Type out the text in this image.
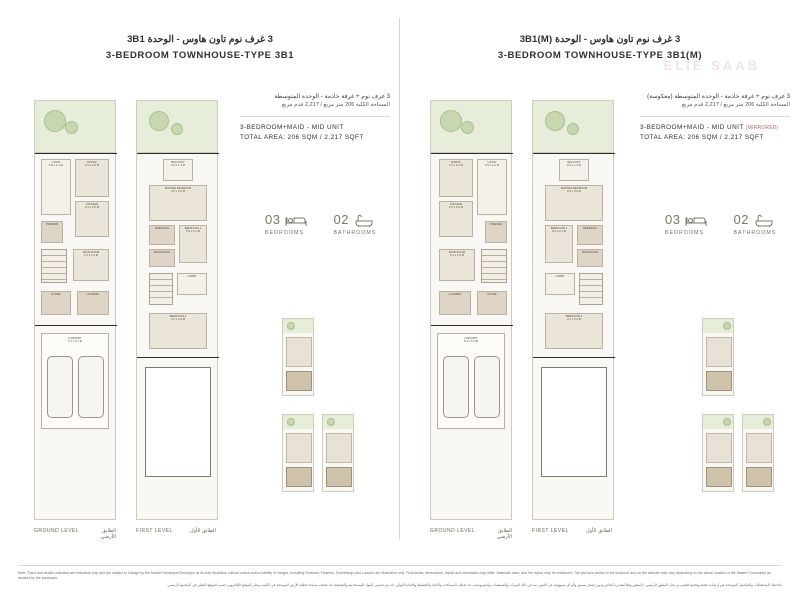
ELIE SAAB
3 غرف نوم تاون هاوس - الوحدة 3B1
3-BEDROOM TOWNHOUSE-TYPE 3B1
3 غرف نوم + غرفة خادمة - الوحدة المتوسطة
المساحة الكلية 206 متر مربع / 2,217 قدم مربع
3-BEDROOM+MAID - MID UNIT
TOTAL AREA: 206 SQM / 2,217 SQFT
03
BEDROOMS
02
BATHROOMS
LIVING
5.9 x 4.1 M
DINING
3.4 x 2.9 M
KITCHEN
3.3 x 2.6 M
POWDER
MAID ROOM
2.1 x 1.9 M
STORE	LAUNDRY
CARPORT
5.4 x 5.4 M
GROUND LEVEL	الطابق الأرضي
BALCONY
2.9 x 1.4 M
MASTER BEDROOM
4.0 x 3.6 M
BEDROOM 1
3.9 x 3.1 M
DRESSING
BATHROOM
LOBBY
BEDROOM 2
3.2 x 3.0 M
FIRST LEVEL	الطابق الأول
3 غرف نوم تاون هاوس - الوحدة 3B1(M)
3-BEDROOM TOWNHOUSE-TYPE 3B1(M)
3 غرف نوم + غرفة خادمة - الوحدة المتوسطة (معكوسة)
المساحة الكلية 206 متر مربع / 2,217 قدم مربع
3-BEDROOM+MAID - MID UNIT (MIRRORED)
TOTAL AREA: 206 SQM / 2,217 SQFT
03
BEDROOMS
02
BATHROOMS
DINING
3.4 x 2.9 M
LIVING
5.9 x 4.1 M
KITCHEN
3.3 x 2.6 M
POWDER
MAID ROOM
2.1 x 1.9 M
STORE
LAUNDRY
CARPORT
5.4 x 5.4 M
GROUND LEVEL	الطابق الأرضي
BALCONY
2.9 x 1.4 M
MASTER BEDROOM
4.0 x 3.6 M
BEDROOM 1
3.9 x 3.1 M
DRESSING
BATHROOM
LOBBY
BEDROOM 2
3.2 x 3.0 M
FIRST LEVEL	الطابق الأول
Note: Plans and details indicated are indicative only and are subject to change by the Master Developer/Developer at its sole discretion without notice and/or liability of images, including Features, Finishes, Furnishings and Louvres are illustrative only. Final areas, dimensions, layout and orientation may differ. Materials used, and the layout may be enhanced. The plot size shown in the brochure and on the website may vary depending on the actual location in the Master Community as decided by the purchaser.
ملاحظة: المخططات والتفاصيل الموضحة هي إرشادية فقط وتخضع للتغيير من قبل المطور الرئيسي / المطور وفقاً لتقديره الخاص ودون إشعار مسبق و/أو أي مسؤولية عن الصور، بما في ذلك الميزات والتشطيبات والمفروشات. قد تختلف المساحات والأبعاد والتخطيط والاتجاه النهائي. قد يتم تحسين المواد المستخدمة والتخطيط. قد تختلف مساحة قطعة الأرض الموضحة في الكتيب وعلى الموقع الإلكتروني حسب الموقع الفعلي في المجتمع الرئيسي.
